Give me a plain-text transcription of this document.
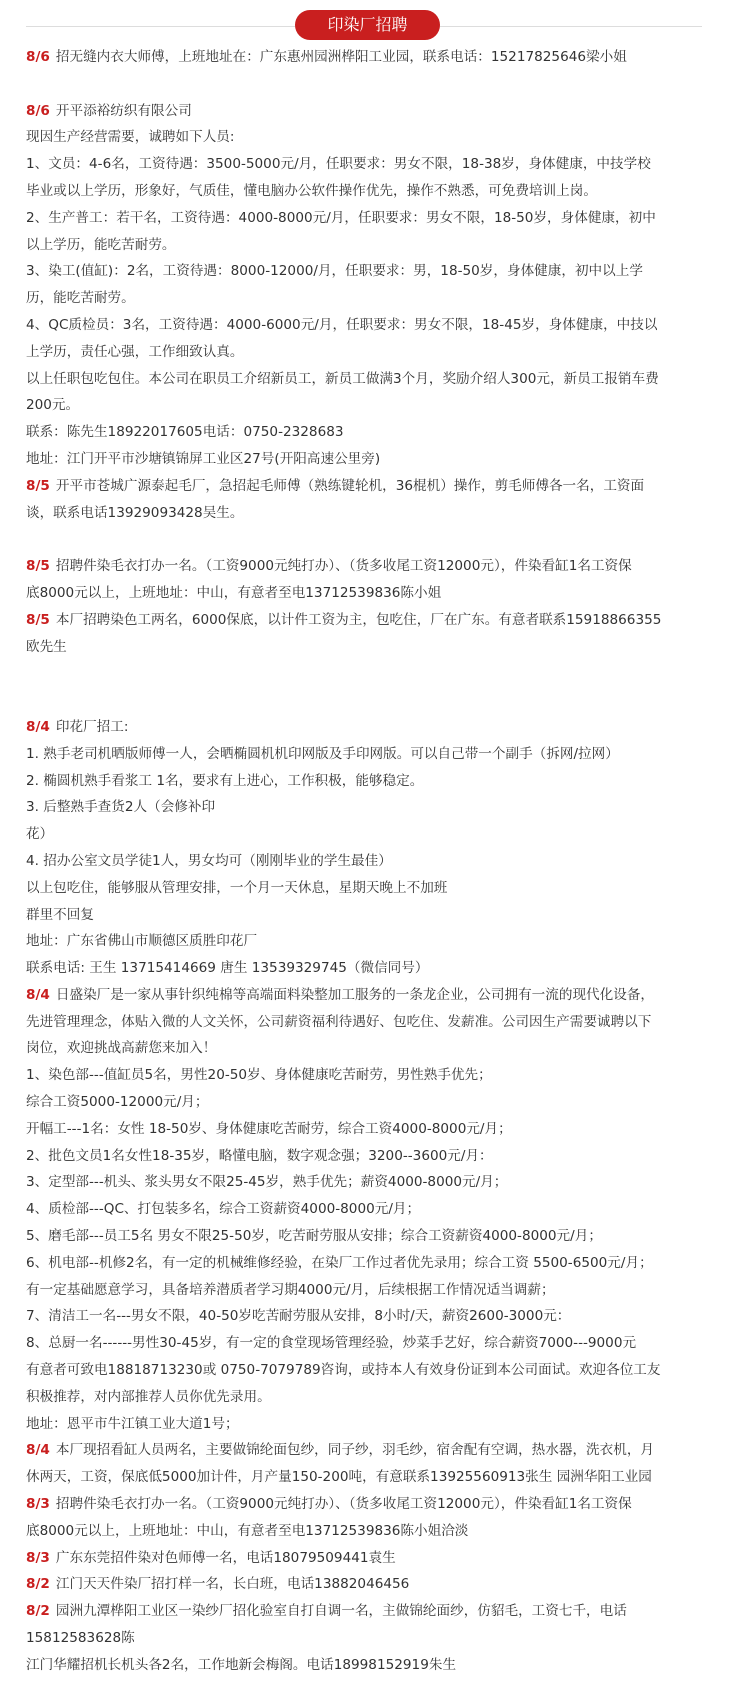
印染厂招聘
8/6 招无缝内衣大师傅，上班地址在：广东惠州园洲桦阳工业园，联系电话：15217825646梁小姐
8/6 开平添裕纺织有限公司
现因生产经营需要，诚聘如下人员:
1、文员：4-6名，工资待遇：3500-5000元/月，任职要求：男女不限，18-38岁，身体健康，中技学校
毕业或以上学历，形象好，气质佳，懂电脑办公软件操作优先，操作不熟悉，可免费培训上岗。
2、生产普工：若干名，工资待遇：4000-8000元/月，任职要求：男女不限，18-50岁，身体健康，初中
以上学历，能吃苦耐劳。
3、染工(值缸)：2名，工资待遇：8000-12000/月，任职要求：男，18-50岁，身体健康，初中以上学
历，能吃苦耐劳。
4、QC质检员：3名，工资待遇：4000-6000元/月，任职要求：男女不限，18-45岁，身体健康，中技以
上学历，责任心强，工作细致认真。
以上任职包吃包住。本公司在职员工介绍新员工，新员工做满3个月，奖励介绍人300元，新员工报销车费
200元。
联系：陈先生18922017605电话：0750-2328683
地址：江门开平市沙塘镇锦屏工业区27号(开阳高速公里旁)
8/5 开平市苍城广源泰起毛厂，急招起毛师傅（熟练键轮机，36棍机）操作，剪毛师傅各一名，工资面
谈，联系电话13929093428吴生。
8/5 招聘件染毛衣打办一名。（工资9000元纯打办）、（货多收尾工资12000元），件染看缸1名工资保
底8000元以上，上班地址：中山，有意者至电13712539836陈小姐
8/5 本厂招聘染色工两名，6000保底，以计件工资为主，包吃住，厂在广东。有意者联系15918866355
欧先生
8/4 印花厂招工:
1. 熟手老司机晒版师傅一人，会晒椭圆机机印网版及手印网版。可以自己带一个副手（拆网/拉网）
2. 椭圆机熟手看浆工 1名，要求有上进心，工作积极，能够稳定。
3. 后整熟手查货2人（会修补印
花）
4. 招办公室文员学徒1人，男女均可（刚刚毕业的学生最佳）
以上包吃住，能够服从管理安排，一个月一天休息，星期天晚上不加班
群里不回复
地址：广东省佛山市顺德区质胜印花厂
联系电话: 王生 13715414669 唐生 13539329745（微信同号）
8/4 日盛染厂是一家从事针织纯棉等高端面料染整加工服务的一条龙企业，公司拥有一流的现代化设备，
先进管理理念，体贴入微的人文关怀，公司薪资福利待遇好、包吃住、发薪准。公司因生产需要诚聘以下
岗位，欢迎挑战高薪您来加入！
1、染色部---值缸员5名，男性20-50岁、身体健康吃苦耐劳，男性熟手优先；
综合工资5000-12000元/月；
开幅工---1名：女性 18-50岁、身体健康吃苦耐劳，综合工资4000-8000元/月；
2、批色文员1名女性18-35岁，略懂电脑，数字观念强；3200--3600元/月：
3、定型部---机头、浆头男女不限25-45岁，熟手优先；薪资4000-8000元/月；
4、质检部---QC、打包装多名，综合工资薪资4000-8000元/月；
5、磨毛部---员工5名 男女不限25-50岁，吃苦耐劳服从安排；综合工资薪资4000-8000元/月；
6、机电部--机修2名，有一定的机械维修经验，在染厂工作过者优先录用；综合工资 5500-6500元/月；
有一定基础愿意学习，具备培养潜质者学习期4000元/月，后续根据工作情况适当调薪；
7、清洁工一名---男女不限，40-50岁吃苦耐劳服从安排，8小时/天，薪资2600-3000元：
8、总厨一名------男性30-45岁，有一定的食堂现场管理经验，炒菜手艺好，综合薪资7000---9000元
有意者可致电18818713230或 0750-7079789咨询，或持本人有效身份证到本公司面试。欢迎各位工友
积极推荐，对内部推荐人员你优先录用。
地址：恩平市牛江镇工业大道1号；
8/4 本厂现招看缸人员两名，主要做锦纶面包纱，同子纱，羽毛纱，宿舍配有空调，热水器，洗衣机，月
休两天，工资，保底低5000加计件，月产量150-200吨，有意联系13925560913张生 园洲华阳工业园
8/3 招聘件染毛衣打办一名。（工资9000元纯打办）、（货多收尾工资12000元），件染看缸1名工资保
底8000元以上，上班地址：中山，有意者至电13712539836陈小姐洽淡
8/3 广东东莞招件染对色师傅一名，电话18079509441袁生
8/2 江门天天件染厂招打样一名，长白班，电话13882046456
8/2 园洲九潭桦阳工业区一染纱厂招化验室自打自调一名，主做锦纶面纱，仿貂毛，工资七千，电话
15812583628陈
江门华耀招机长机头各2名，工作地新会梅阁。电话18998152919朱生
